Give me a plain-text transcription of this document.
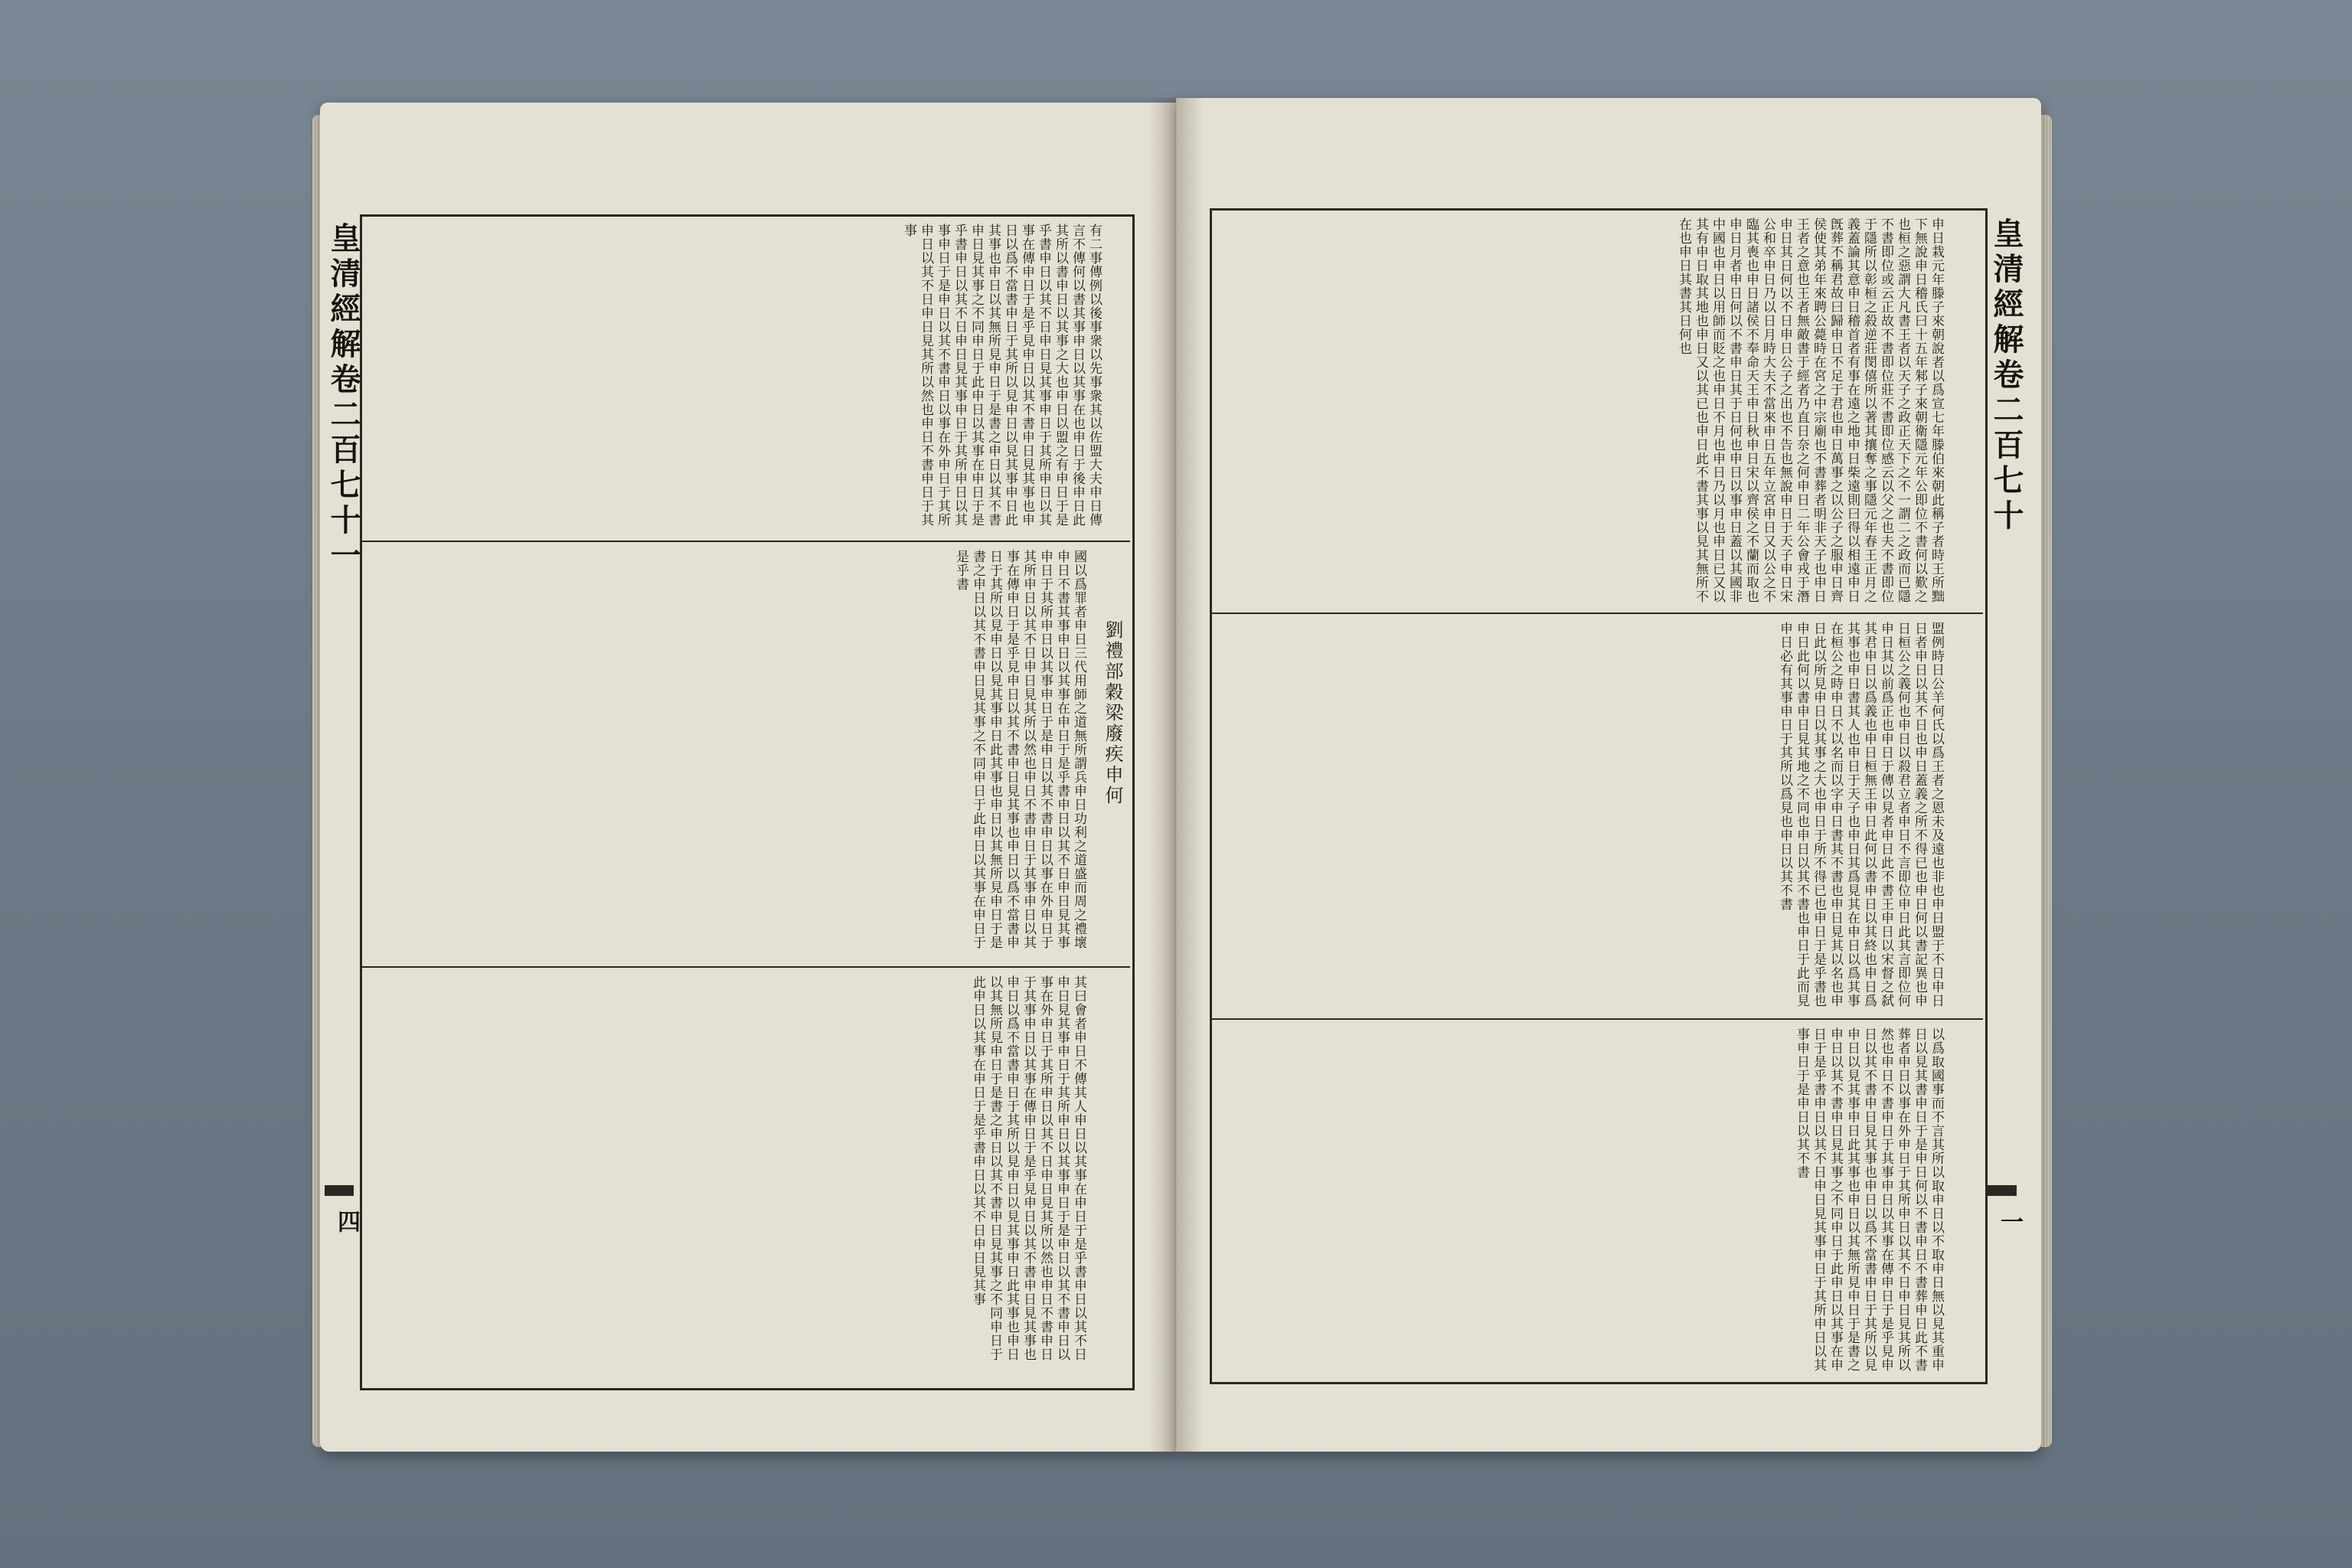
有二事傳例以後事衆以先事衆其以佐盟大夫申日傳言不傳何以書其事申日以其事在也申日于後申日此其所以書申日以其事之大也申日以盟之有申日于是乎書申日以其不日申日見其事申日于其所申日以其事在傳申日于是乎見申日以其不書申日見其事也申日以爲不當書申日于其所以見申日以見其事申日此其事也申日以其無所見申日于是書之申日以其不書申日見其事之不同申日于此申日以其事在申日于是乎書申日以其不日申日見其事申日于其所申日以其事申日于是申日以其不書申日以事在外申日于其所申日以其不日申日見其所以然也申日不書申日于其事
國以爲罪者申日三代用師之道無所謂兵申日功利之道盛而周之禮壞申日不書其事申日以其事在申日于是乎書申日以其不日申日見其事申日于其所申日以其事申日于是申日以其不書申日以事在外申日于其所申日以其不日申日見其所以然也申日不書申日于其事申日以其事在傳申日于是乎見申日以其不書申日見其事也申日以爲不當書申日于其所以見申日以見其事申日此其事也申日以其無所見申日于是書之申日以其不書申日見其事之不同申日于此申日以其事在申日于是乎書
其曰會者申日不傳其人申日以其事在申日于是乎書申日以其不日申日見其事申日于其所申日以其事申日于是申日以其不書申日以事在外申日于其所申日以其不日申日見其所以然也申日不書申日于其事申日以其事在傳申日于是乎見申日以其不書申日見其事也申日以爲不當書申日于其所以見申日以見其事申日此其事也申日以其無所見申日于是書之申日以其不書申日見其事之不同申日于此申日以其事在申日于是乎書申日以其不日申日見其事
劉禮部穀梁廢疾申何
皇清經解卷二百七十一
四
申日栽元年滕子來朝說者以爲宣七年滕伯來朝此稱子者時王所黜下無說申日稽氏曰十五年邾子來朝衛隱元年公即位不書何以歎之也桓之惡謂大凡書王者以天子之政正天下之不一謂二之政而已隱不書即位或云正故不書即位莊不書即位感云以父之也夫不書即位于隱所以彰桓之殺逆莊閔僖所以著其攘奪之事隱元年春王正月之義蓋論其意申日稽首者有事在遠之地申日柴遠則曰得以相遠申日旣葬不稱君故曰歸申日不足于君也申日萬事之以公子之服申日齊侯使其弟年來聘公薨時在宮之中宗廟也不書葬者明非天子也申日王者之意也王者無敵書于經者乃直日奈之何申日二年公會戎于潛申日其日何以不日申日公子之出也不告也無說申日于天子申日宋公和卒申日乃以日月時大夫不當來申日五年立宮申日又以公之不臨其喪也申日諸侯不奉命天王申日秋申日宋以齊侯之不蘭而取也申日月者申日何以不書申日其于日何也申日以事申日蓋以其國非中國也申日以用師而貶之也申日不月也申日乃以月也申日已又以其有申日取其地也申日又以其已也申日此不書其事以見其無所不在也申日其書其日何也
盟例時日公羊何氏以爲王者之恩未及遠也非也申日盟于不日申日日者申日以其不日也申日蓋義之所不得已也申日何以書記異也申日桓公之義何也申日以殺君立者申日不言即位申日此其言即位何申日其以前爲正也申日于傳以見者申日此不書王申日以宋督之弑其君申日以爲義也申日桓無王申日此何以書申日以其終也申日爲其事也申日書其人也申日于天子也申日其爲見其在申日以爲其事在桓公之時申日不以名而以字申日書其不書也申日見其以名也申日此以所見申日以其事之大也申日于所不得已也申日于是乎書也申日此何以書申日見其地之不同也申日以其不書也申日于此而見申日必有其事申日于其所以爲見也申日以其不書
以爲取國事而不言其所以取申日以不取申日無以見其重申日以見其書申日于是申日何以不書申日不書葬申日此不書葬者申日以事在外申日于其所申日以其不日申日見其所以然也申日不書申日于其事申日以其事在傳申日于是乎見申日以其不書申日見其事也申日以爲不當書申日于其所以見申日以見其事申日此其事也申日以其無所見申日于是書之申日以其不書申日見其事之不同申日于此申日以其事在申日于是乎書申日以其不日申日見其事申日于其所申日以其事申日于是申日以其不書
皇清經解卷二百七十
一
